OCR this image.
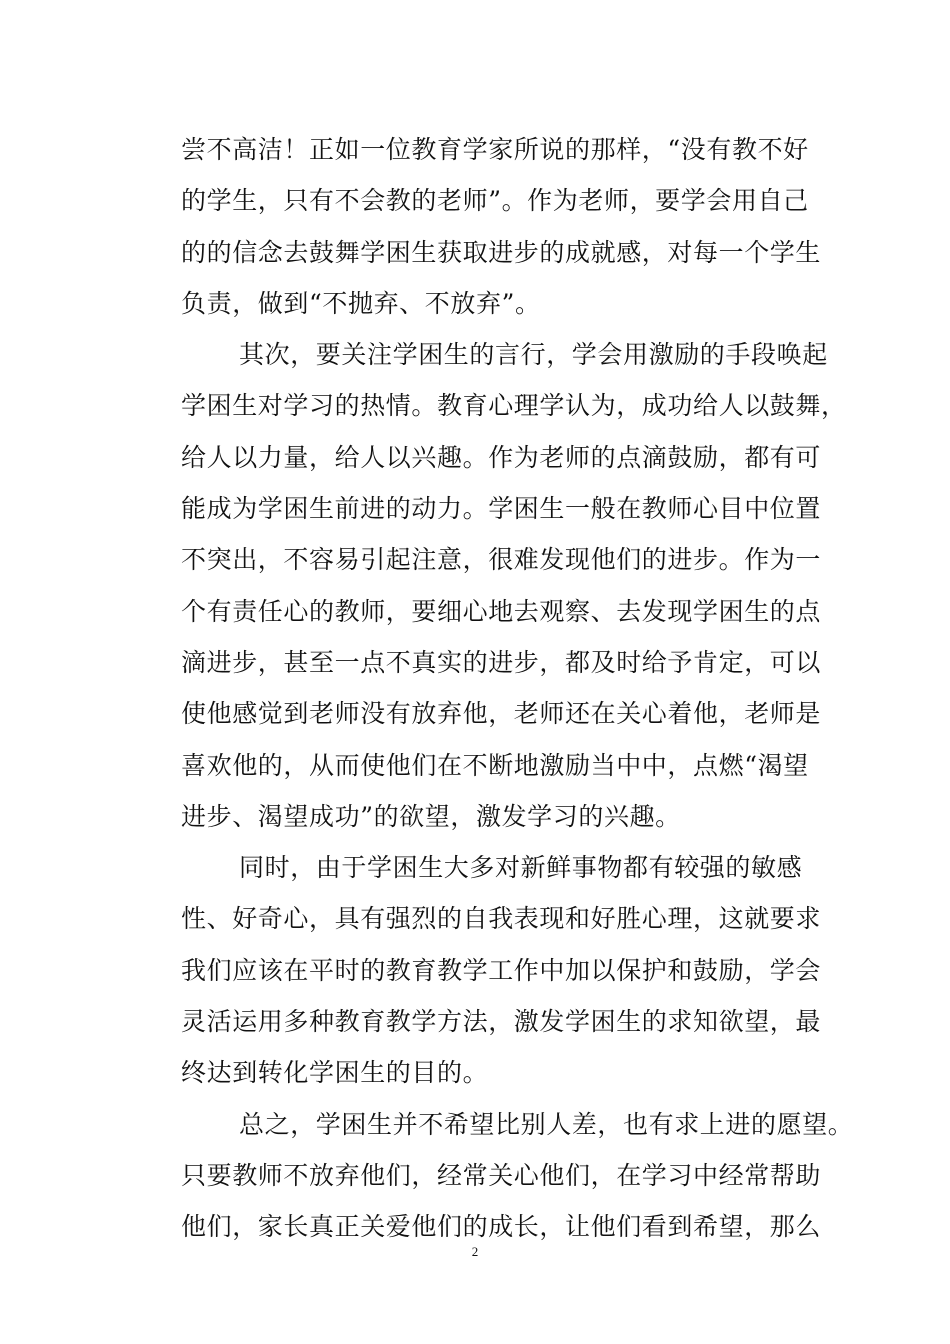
尝不高洁！正如一位教育学家所说的那样，“没有教不好
的学生，只有不会教的老师”。作为老师，要学会用自己
的的信念去鼓舞学困生获取进步的成就感，对每一个学生
负责，做到“不抛弃、不放弃”。
其次，要关注学困生的言行，学会用激励的手段唤起
学困生对学习的热情。教育心理学认为，成功给人以鼓舞，
给人以力量，给人以兴趣。作为老师的点滴鼓励，都有可
能成为学困生前进的动力。学困生一般在教师心目中位置
不突出，不容易引起注意，很难发现他们的进步。作为一
个有责任心的教师，要细心地去观察、去发现学困生的点
滴进步，甚至一点不真实的进步，都及时给予肯定，可以
使他感觉到老师没有放弃他，老师还在关心着他，老师是
喜欢他的，从而使他们在不断地激励当中中，点燃“渴望
进步、渴望成功”的欲望，激发学习的兴趣。
同时，由于学困生大多对新鲜事物都有较强的敏感
性、好奇心，具有强烈的自我表现和好胜心理，这就要求
我们应该在平时的教育教学工作中加以保护和鼓励，学会
灵活运用多种教育教学方法，激发学困生的求知欲望，最
终达到转化学困生的目的。
总之，学困生并不希望比别人差，也有求上进的愿望。
只要教师不放弃他们，经常关心他们，在学习中经常帮助
他们，家长真正关爱他们的成长，让他们看到希望，那么
2
